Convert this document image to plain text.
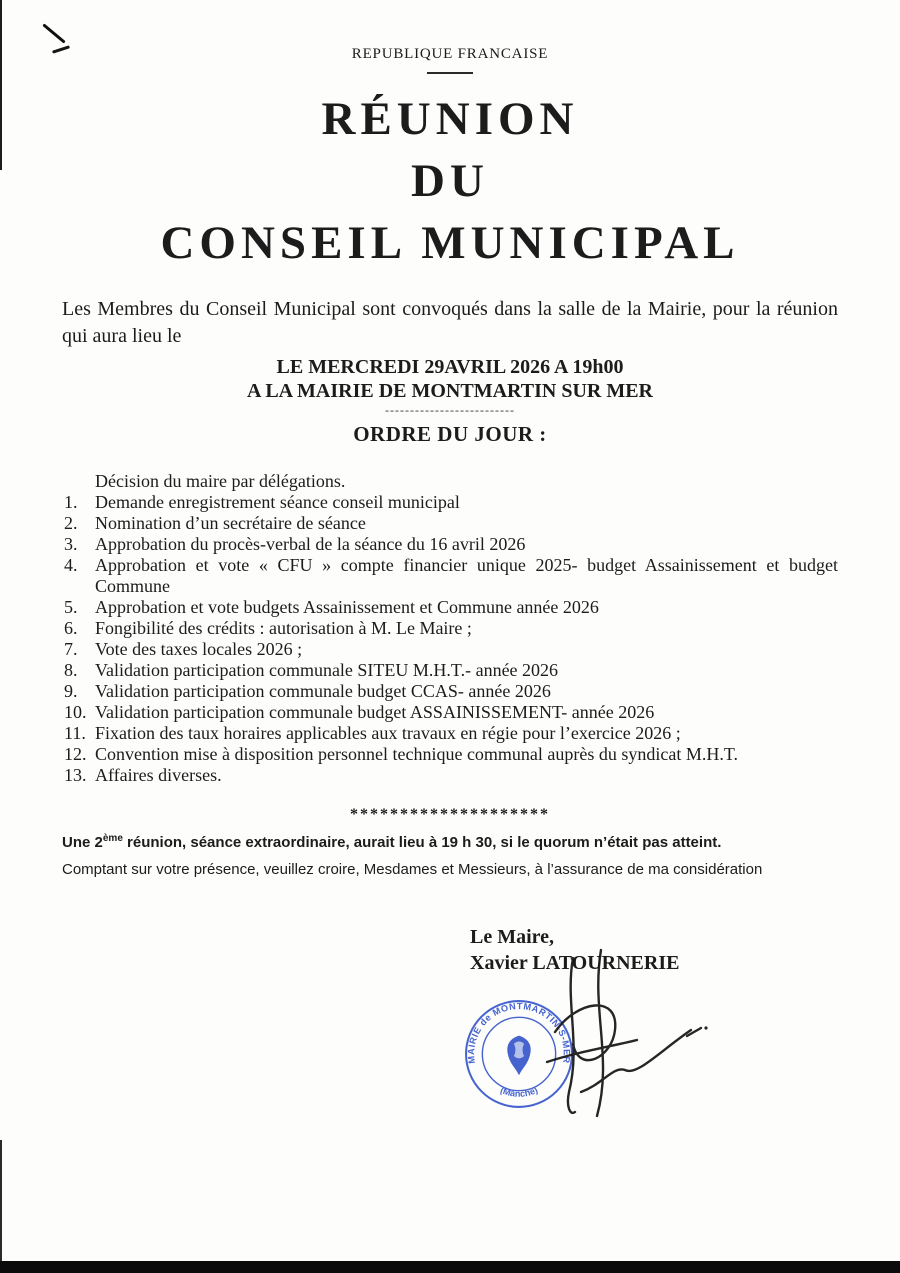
REPUBLIQUE FRANCAISE
RÉUNION
DU
CONSEIL MUNICIPAL

Les Membres du Conseil Municipal sont convoqués dans la salle de la Mairie, pour la réunion qui aura lieu le

LE MERCREDI 29AVRIL 2026 A 19h00
A LA MAIRIE DE MONTMARTIN SUR MER
--------------------------
ORDRE DU JOUR :
Décision du maire par délégations.
Demande enregistrement séance conseil municipal
Nomination d’un secrétaire de séance
Approbation du procès-verbal de la séance du 16 avril 2026
Approbation et vote « CFU » compte financier unique 2025- budget Assainissement et budget Commune
Approbation et vote budgets Assainissement et Commune année 2026
Fongibilité des crédits : autorisation à M. Le Maire ;
Vote des taxes locales 2026 ;
Validation participation communale SITEU M.H.T.- année 2026
Validation participation communale budget CCAS- année 2026
Validation participation communale budget ASSAINISSEMENT- année 2026
Fixation des taux horaires applicables aux travaux en régie pour l’exercice 2026 ;
Convention mise à disposition personnel technique communal auprès du syndicat M.H.T.
Affaires diverses.
********************
Une 2ème réunion, séance extraordinaire, aurait lieu à 19 h 30, si le quorum n’était pas atteint.
Comptant sur votre présence, veuillez croire, Mesdames et Messieurs, à l’assurance de ma considération
Le Maire,
Xavier LATOURNERIE
MAIRIE de MONTMARTIN-S-MER
(Manche)
